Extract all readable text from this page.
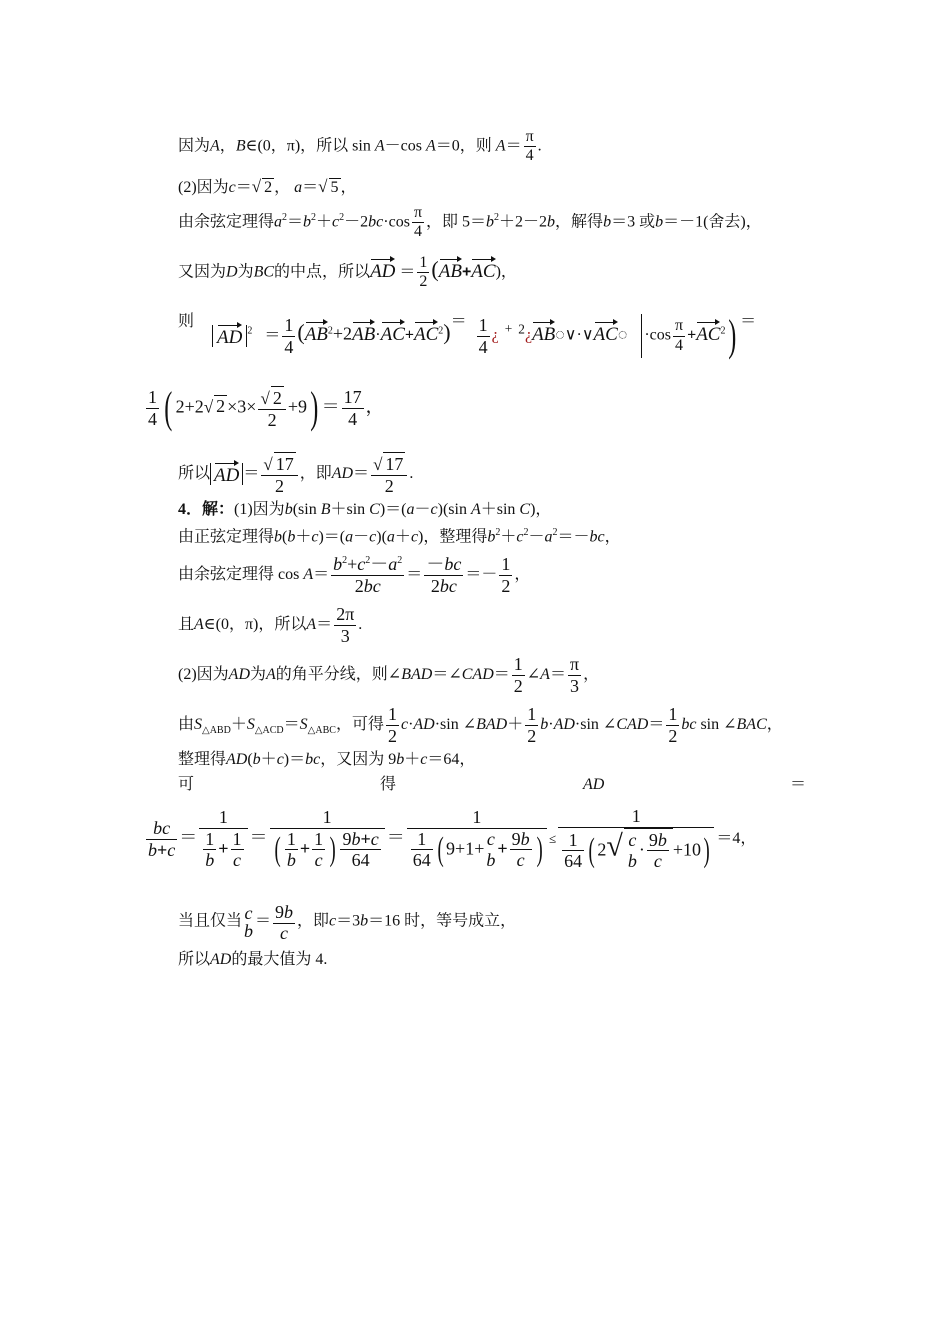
因为A，B∈(0，π)，所以 sin A－cos A＝0，则 $A= \frac{\pi}{4}$ .
(2)因为c＝√ 2 ， a＝√ 5 ，
由余弦定理得$a^2=b^2+c^2-2bc\cdot\cos \frac{\pi}{4}$ ，即 $5=b^2+2-2b$，解得b＝3 或b＝－1(舍去)，
又因为D为BC的中点，所以AD ＝ $\frac{1}{2} (AB+AC)$，
则 AD $^2 = \frac{1}{4} (AB^2+2AB\cdot AC+AC^2)= \frac{1}{4}$ ¿ + $^2$¿AB◌∨·∨AC◌ $\cdot\cos \frac{\pi}{4} +AC^2$) ＝
$\frac{1}{4}$ ( 2+2√ $2 \times 3\times \frac{√ 2}{2} +9) = \frac{17}{4}$ ，
所以 AD ＝ $\frac{√ 17}{2}$ ，即$AD= \frac{√ 17}{2}$ .
4．解：(1)因为b(sin B＋sin C)＝(a－c)(sin A＋sin C)，
由正弦定理得b(b＋c)＝(a－c)(a＋c)，整理得$b^2+c^2-a^2=-bc$，
由余弦定理得 $\cos A= \frac{b^2+c^2-a^2}{2bc} = \frac{-bc}{2bc} =- \frac{1}{2}$ ，
且A∈(0，π)，所以$A= \frac{2\pi}{3}$ .
(2)因为AD为A的角平分线，则∠BAD＝∠CAD＝ $\frac{1}{2}$ ∠A＝ $\frac{\pi}{3}$ ，
由$S_{\triangle ABD}+S_{\triangle ACD}=S_{\triangle ABC}$，可得 $\frac{1}{2} c\cdot AD\cdot\sin$ ∠BAD＋ $\frac{1}{2} b\cdot AD\cdot\sin$ ∠CAD＝ $\frac{1}{2}$ bc sin ∠BAC，
整理得AD(b＋c)＝bc，又因为 9b＋c＝64，
可	得	AD	＝
$\frac{bc}{b+c} = \frac{1}{\frac{1}{b} + \frac{1}{c}} = \frac{1}{( \frac{1}{b} + \frac{1}{c} ) \frac{9b+c}{64}} = 1$
$\frac{1}{64}$ ( 9+1+ c
b
+ $\frac{9b}{c}$ ) ≤ 1
$\frac{1}{64}$ ( 2√ c
b
· $\frac{9b}{c} +10) =4$，
当且仅当 c
$b = \frac{9b}{c}$ ，即c＝3b＝16 时，等号成立，
所以AD的最大值为 4.
